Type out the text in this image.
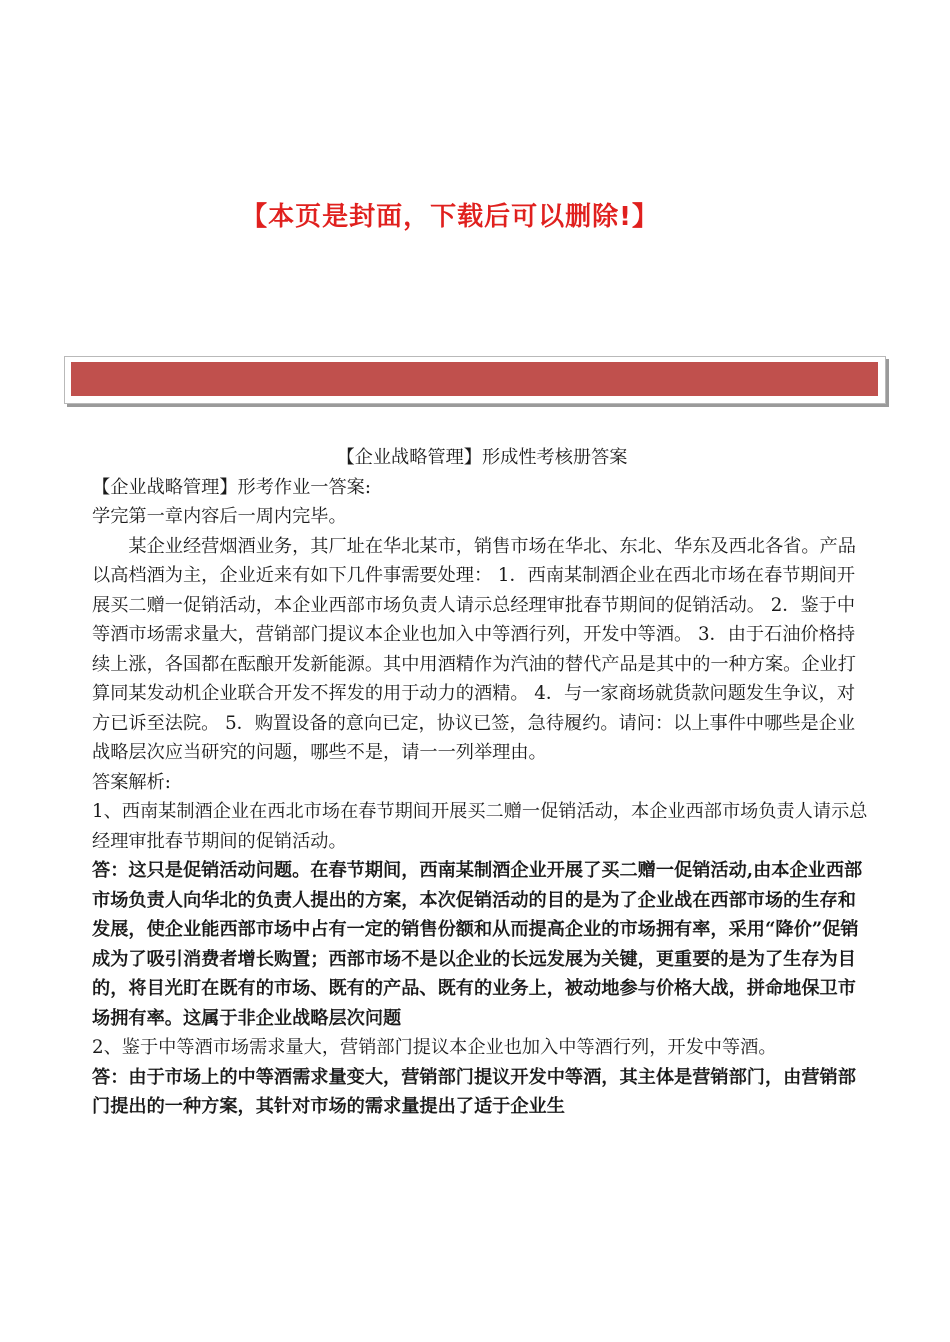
【本页是封面，下载后可以删除!】

【企业战略管理】形成性考核册答案

【企业战略管理】形考作业一答案:

学完第一章内容后一周内完毕。

某企业经营烟酒业务，其厂址在华北某市，销售市场在华北、东北、华东及西北各省。产品以高档酒为主，企业近来有如下几件事需要处理： 1．西南某制酒企业在西北市场在春节期间开展买二赠一促销活动，本企业西部市场负责人请示总经理审批春节期间的促销活动。 2．鉴于中等酒市场需求量大，营销部门提议本企业也加入中等酒行列，开发中等酒。 3．由于石油价格持续上涨，各国都在酝酿开发新能源。其中用酒精作为汽油的替代产品是其中的一种方案。企业打算同某发动机企业联合开发不挥发的用于动力的酒精。 4．与一家商场就货款问题发生争议，对方已诉至法院。 5．购置设备的意向已定，协议已签，急待履约。请问：以上事件中哪些是企业战略层次应当研究的问题，哪些不是，请一一列举理由。

答案解析:

1、西南某制酒企业在西北市场在春节期间开展买二赠一促销活动，本企业西部市场负责人请示总经理审批春节期间的促销活动。

答：这只是促销活动问题。在春节期间，西南某制酒企业开展了买二赠一促销活动,由本企业西部市场负责人向华北的负责人提出的方案，本次促销活动的目的是为了企业战在西部市场的生存和发展，使企业能西部市场中占有一定的销售份额和从而提高企业的市场拥有率，采用“降价”促销成为了吸引消费者增长购置；西部市场不是以企业的长远发展为关键，更重要的是为了生存为目的，将目光盯在既有的市场、既有的产品、既有的业务上，被动地参与价格大战，拼命地保卫市场拥有率。这属于非企业战略层次问题

2、鉴于中等酒市场需求量大，营销部门提议本企业也加入中等酒行列，开发中等酒。

答：由于市场上的中等酒需求量变大，营销部门提议开发中等酒，其主体是营销部门，由营销部门提出的一种方案，其针对市场的需求量提出了适于企业生
